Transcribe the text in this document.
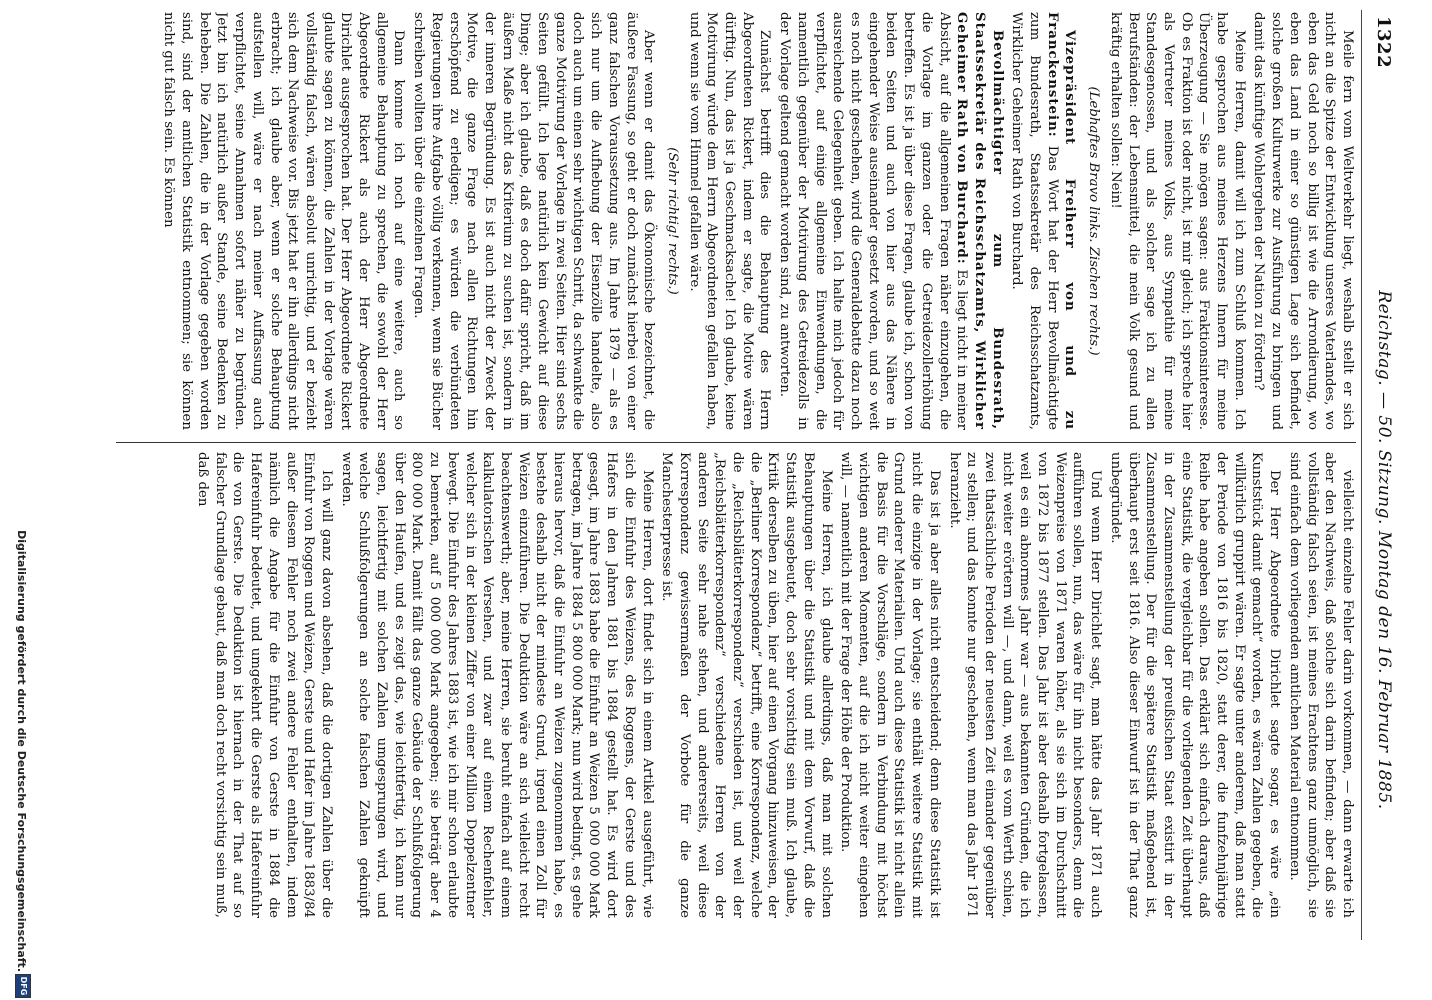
1322
Reichstag. — 50. Sitzung. Montag den 16. Februar 1885.

Meile fern vom Weltverkehr liegt, weshalb stellt er sich nicht an die Spitze der Entwicklung unseres Vaterlandes, wo eben das Geld noch so billig ist wie die Arrondierung, wo eben das Land in einer so günstigen Lage sich befindet, solche großen Kulturwerke zur Ausführung zu bringen und damit das künftige Wohlergehen der Nation zu fördern?

Meine Herren, damit will ich zum Schluß kommen. Ich habe gesprochen aus meines Herzens Innern für meine Überzeugung — Sie mögen sagen: aus Fraktionsinteresse. Ob es Fraktion ist oder nicht, ist mir gleich; ich spreche hier als Vertreter meines Volks, aus Sympathie für meine Standesgenossen, und als solcher sage ich zu allen Berufständen: der Lebensmittel, die mein Volk gesund und kräftig erhalten sollen: Nein!

(Lebhaftes Bravo links. Zischen rechts.)

Vizepräsident Freiherr von und zu Franckenstein: Das Wort hat der Herr Bevollmächtigte zum Bundesrath, Staatssekretär des Reichsschatzamts, Wirklicher Geheimer Rath von Burchard.

Bevollmächtigter zum Bundesrath, Staatssekretär des Reichsschatzamts, Wirklicher Geheimer Rath von Burchard: Es liegt nicht in meiner Absicht, auf die allgemeinen Fragen näher einzugehen, die die Vorlage im ganzen oder die Getreidezollerhöhung betreffen. Es ist ja über diese Fragen, glaube ich, schon von beiden Seiten und auch von hier aus das Nähere in eingehender Weise auseinander gesetzt worden, und so weit es noch nicht geschehen, wird die Generaldebatte dazu noch ausreichende Gelegenheit geben. Ich halte mich jedoch für verpflichtet, auf einige allgemeine Einwendungen, die namentlich gegenüber der Motivirung des Getreidezolls in der Vorlage geltend gemacht worden sind, zu antworten.

Zunächst betrifft dies die Behauptung des Herrn Abgeordneten Rickert, indem er sagte, die Motive wären dürftig. Nun, das ist ja Geschmacksache! Ich glaube, keine Motivirung würde dem Herrn Abgeordneten gefallen haben, und wenn sie vom Himmel gefallen wäre.

(Sehr richtig! rechts.)

Aber wenn er damit das Ökonomische bezeichnet, die äußere Fassung, so geht er doch zunächst hierbei von einer ganz falschen Voraussetzung aus. Im Jahre 1879 — als es sich nur um die Aufhebung der Eisenzölle handelte, also doch auch um einen sehr wichtigen Schritt, da schwankte die ganze Motivirung der Vorlage in zwei Seiten. Hier sind sechs Seiten gefüllt. Ich lege natürlich kein Gewicht auf diese Dinge; aber ich glaube, daß es doch dafür spricht, daß im äußern Maße nicht das Kriterium zu suchen ist, sondern in der inneren Begründung. Es ist auch nicht der Zweck der Motive, die ganze Frage nach allen Richtungen hin erschöpfend zu erledigen; es würden die verbündeten Regierungen ihre Aufgabe völlig verkennen, wenn sie Bücher schreiben wollten über die einzelnen Fragen.

Dann komme ich noch auf eine weitere, auch so allgemeine Behauptung zu sprechen, die sowohl der Herr Abgeordnete Rickert als auch der Herr Abgeordnete Dirichlet ausgesprochen hat. Der Herr Abgeordnete Rickert glaubte sagen zu können, die Zahlen in der Vorlage wären vollständig falsch, wären absolut unrichtig, und er bezieht sich dem Nachweise vor. Bis jetzt hat er ihn allerdings nicht erbracht; ich glaube aber, wenn er solche Behauptung aufstellen will, wäre er nach meiner Auffassung auch verpflichtet, seine Annahmen sofort näher zu begründen. Jetzt bin ich natürlich außer Stande, seine Bedenken zu beheben. Die Zahlen, die in der Vorlage gegeben worden sind, sind der amtlichen Statistik entnommen; sie können nicht gut falsch sein. Es können

vielleicht einzelne Fehler darin vorkommen, — dann erwarte ich aber den Nachweis, daß solche sich darin befinden; aber daß sie vollständig falsch seien, ist meines Erachtens ganz unmöglich, sie sind einfach dem vorliegenden amtlichen Material entnommen.

Der Herr Abgeordnete Dirichlet sagte sogar, es wäre „ein Kunststück damit gemacht“ worden, es wären Zahlen gegeben, die willkürlich gruppirt wären. Er sagte unter anderem, daß man statt der Periode von 1816 bis 1820, statt derer, die funfzehnjährige Reihe habe angeben sollen. Das erklärt sich einfach daraus, daß eine Statistik, die vergleichbar für die vorliegenden Zeit überhaupt in der Zusammenstellung der preußischen Staat existirt in der Zusammenstellung. Der für die spätere Statistik maßgebend ist, überhaupt erst seit 1816. Also dieser Einwurf ist in der That ganz unbegründet.

Und wenn Herr Dirichlet sagt, man hätte das Jahr 1871 auch aufführen sollen, nun, das wäre für ihn nicht besonders, denn die Weizenpreise von 1871 waren höher, als sie sich im Durchschnitt von 1872 bis 1877 stellen. Das Jahr ist aber deshalb fortgelassen, weil es ein abnormes Jahr war — aus bekannten Gründen, die ich nicht weiter erörtern will —, und dann, weil es vom Werth schien, zwei thatsächliche Perioden der neuesten Zeit einander gegenüber zu stellen; und das konnte nur geschehen, wenn man das Jahr 1871 heranzieht.

Das ist ja aber alles nicht entscheidend; denn diese Statistik ist nicht die einzige in der Vorlage; sie enthält weitere Statistik mit Grund anderer Materialien. Und auch diese Statistik ist nicht allein die Basis für die Vorschläge, sondern in Verbindung mit höchst wichtigen anderen Momenten, auf die ich nicht weiter eingehen will, — namentlich mit der Frage der Höhe der Produktion.

Meine Herren, ich glaube allerdings, daß man mit solchen Behauptungen über die Statistik und mit dem Vorwurf, daß die Statistik ausgebeutet, doch sehr vorsichtig sein muß. Ich glaube, Kritik derselben zu üben, hier auf einen Vorgang hinzuweisen, der die „Berliner Korrespondenz“ betrifft, eine Korrespondenz, welche die „Reichsblätterkorrespondenz“ verschieden ist, und weil der „Reichsblätterkorrespondenz“ verschiedene Herren von der anderen Seite sehr nahe stehen, und andererseits, weil diese Korrespondenz gewissermaßen der Vorbote für die ganze Manchesterpresse ist.

Meine Herren, dort findet sich in einem Artikel ausgeführt, wie sich die Einfuhr des Weizens, des Roggens, der Gerste und des Hafers in den Jahren 1881 bis 1884 gestellt hat. Es wird dort gesagt, im Jahre 1883 habe die Einfuhr an Weizen 5 000 000 Mark betragen, im Jahre 1884 5 800 000 Mark; nun wird bedingt, es gehe hieraus hervor, daß die Einfuhr an Weizen zugenommen habe, es bestehe deshalb nicht der mindeste Grund, irgend einen Zoll für Weizen einzuführen. Die Deduktion wäre an sich vielleicht recht beachtenswerth; aber, meine Herren, sie beruht einfach auf einem kalkulatorischen Versehen, und zwar auf einem Rechenfehler, welcher sich in der kleinen Ziffer von einer Million Doppelzentner bewegt. Die Einfuhr des Jahres 1883 ist, wie ich mir schon erlaubte zu bemerken, auf 5 000 000 Mark angegeben; sie beträgt aber 4 800 000 Mark. Damit fällt das ganze Gebäude der Schlußfolgerung über den Haufen, und es zeigt das, wie leichtfertig, ich kann nur sagen, leichtfertig mit solchen Zahlen umgesprungen wird, und welche Schlußfolgerungen an solche falschen Zahlen geknüpft werden.

Ich will ganz davon absehen, daß die dortigen Zahlen über die Einfuhr von Roggen und Weizen, Gerste und Hafer im Jahre 1883/84 außer diesem Fehler noch zwei andere Fehler enthalten, indem nämlich die Angabe für die Einfuhr von Gerste in 1884 die Hafereinfuhr bedeutet, und umgekehrt die Gerste als Hafereinfuhr die von Gerste. Die Deduktion ist hiernach in der That auf so falscher Grundlage gebaut, daß man doch recht vorsichtig sein muß, daß den

Digitalisierung gefördert durch die Deutsche Forschungsgemeinschaft.
DFG
